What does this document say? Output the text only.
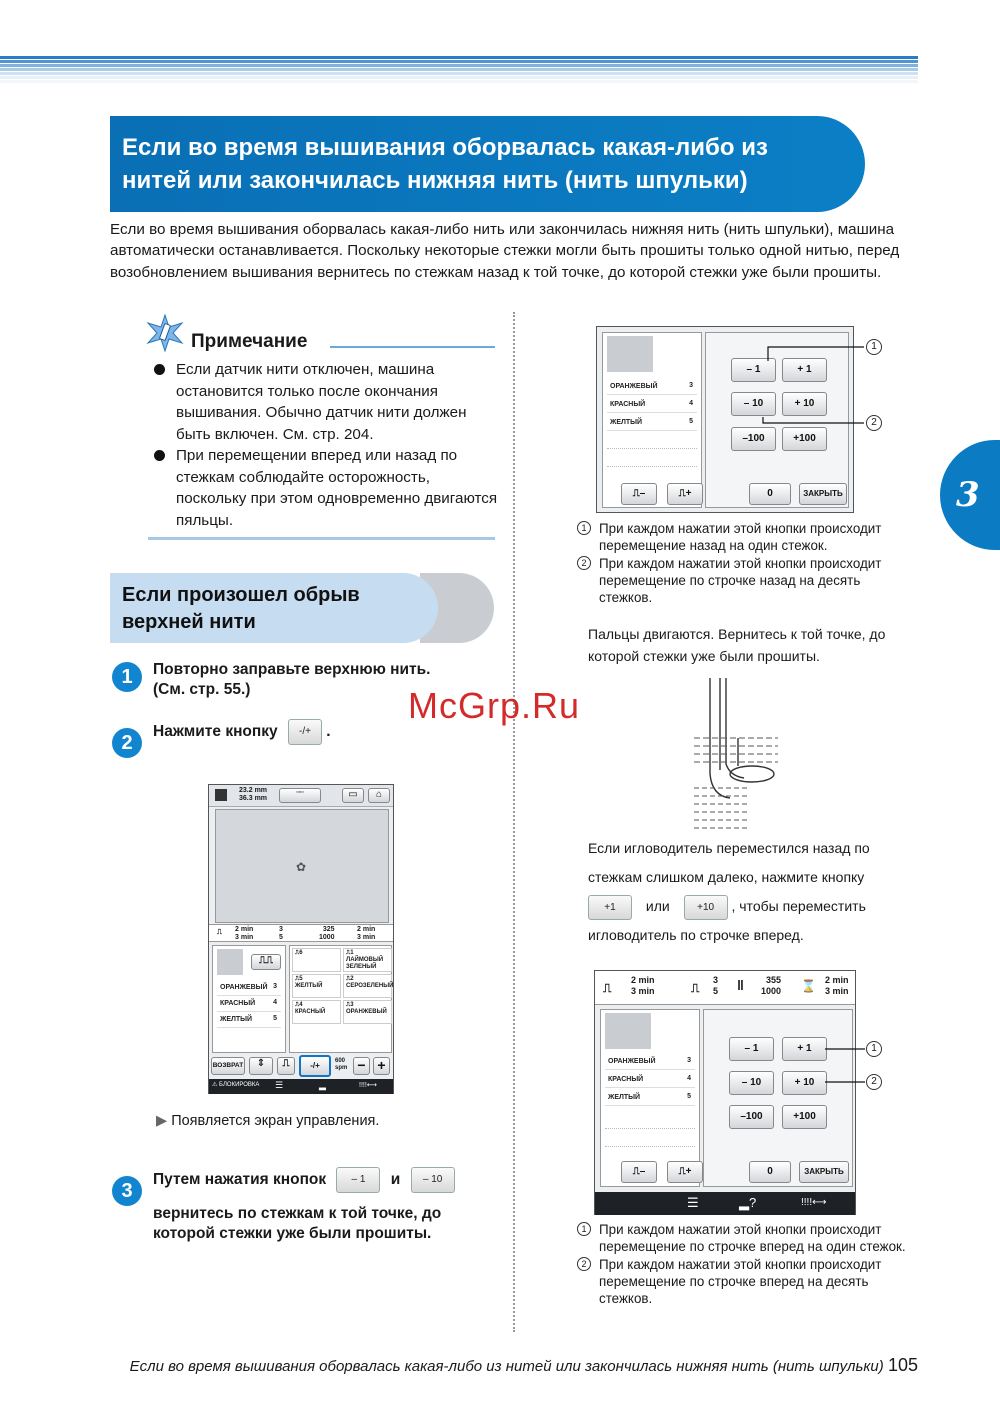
Если во время вышивания оборвалась какая-либо из
нитей или закончилась нижняя нить (нить шпульки)

Если во время вышивания оборвалась какая-либо нить или закончилась нижняя нить (нить шпульки), машина автоматически останавливается. Поскольку некоторые стежки могли быть прошиты только одной нитью, перед возобновлением вышивания вернитесь по стежкам назад к той точке, до которой стежки уже были прошиты.

Примечание
Если датчик нити отключен, машина остановится только после окончания вышивания. Обычно датчик нити должен быть включен. См. стр. 204.
При перемещении вперед или назад по стежкам соблюдайте осторожность, поскольку при этом одновременно двигаются пяльцы.
Если произошел обрыв
верхней нити
1	Повторно заправьте верхнюю нить.
(См. стр. 55.)
2
Нажмите кнопку -/+ .
23.2 mm
36.3 mm
▫▫▫	▭	⌂
✿
⎍ 2 min
3 min
3
5
325
1000
2 min
3 min
⎍⎍
ОРАНЖЕВЫЙ 3
КРАСНЫЙ	4
ЖЕЛТЫЙ	5
⎍6	⎍1
ЛАЙМОВЫЙ ЗЕЛЕНЫЙ
⎍5
ЖЕЛТЫЙ
⎍2
СЕРОЗЕЛЕНЫЙ
⎍4
КРАСНЫЙ
⎍3
ОРАНЖЕВЫЙ
ВОЗВРАТ	⇕	⎍	-/+	600
spm − +
⚠ БЛОКИРОВКА ☰	▂	!!!!⟷
▶ Появляется экран управления.
3
Путем нажатия кнопок	– 1 и – 10
вернитесь по стежкам к той точке, до
которой стежки уже были прошиты.
ОРАНЖЕВЫЙ	3
КРАСНЫЙ	4
ЖЕЛТЫЙ	5
– 1	+ 1
– 10	+ 10
–100	+100
⎍–	⎍+	0	ЗАКРЫТЬ
1
2
1 При каждом нажатии этой кнопки происходит перемещение назад на один стежок.
2 При каждом нажатии этой кнопки происходит перемещение по строчке назад на десять стежков.
Пальцы двигаются. Вернитесь к той точке, до которой стежки уже были прошиты.
Если игловодитель переместился назад по
стежкам слишком далеко, нажмите кнопку
+1 или	+10 , чтобы переместить
игловодитель по строчке вперед.
⎍
2 min
3 min	⎍
3
5 ‖	355
1000 ⌛ 2 min
3 min
ОРАНЖЕВЫЙ	3
КРАСНЫЙ	4
ЖЕЛТЫЙ	5
– 1	+ 1
– 10	+ 10
–100	+100
⎍–	⎍+	0	ЗАКРЫТЬ
☰	▂?	!!!!⟷
1
2
1 При каждом нажатии этой кнопки происходит перемещение по строчке вперед на один стежок.
2 При каждом нажатии этой кнопки происходит перемещение по строчке вперед на десять стежков.
3
McGrp.Ru
Если во время вышивания оборвалась какая-либо из нитей или закончилась нижняя нить (нить шпульки) 105
